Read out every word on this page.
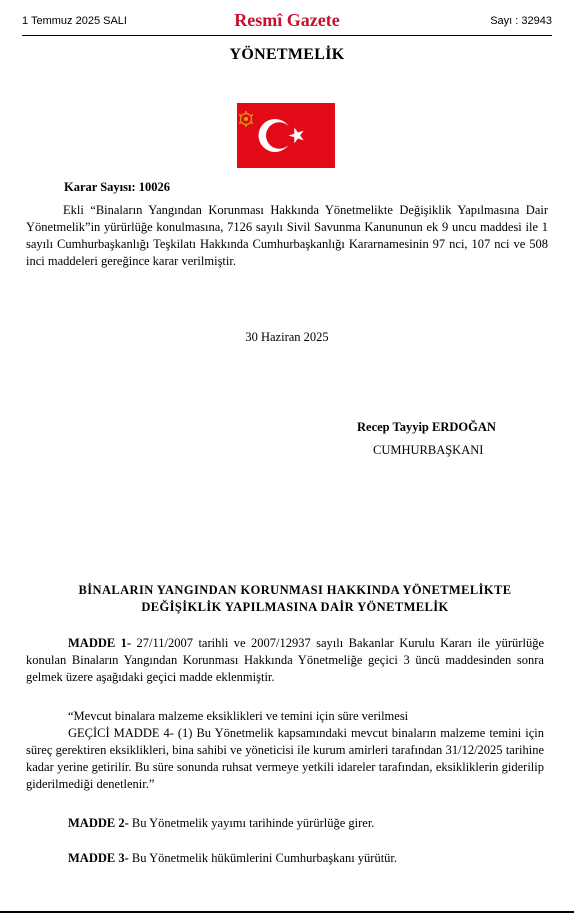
1 Temmuz 2025 SALI	Resmî Gazete	Sayı : 32943
YÖNETMELİK
Karar Sayısı: 10026
Ekli “Binaların Yangından Korunması Hakkında Yönetmelikte Değişiklik Yapılmasına Dair Yönetmelik”in yürürlüğe konulmasına, 7126 sayılı Sivil Savunma Kanununun ek 9 uncu maddesi ile 1 sayılı Cumhurbaşkanlığı Teşkilatı Hakkında Cumhurbaşkanlığı Kararnamesinin 97 nci, 107 nci ve 508 inci maddeleri gereğince karar verilmiştir.
30 Haziran 2025
Recep Tayyip ERDOĞAN
CUMHURBAŞKANI
BİNALARIN YANGINDAN KORUNMASI HAKKINDA YÖNETMELİKTE
DEĞİŞİKLİK YAPILMASINA DAİR YÖNETMELİK
MADDE 1- 27/11/2007 tarihli ve 2007/12937 sayılı Bakanlar Kurulu Kararı ile yürürlüğe konulan Binaların Yangından Korunması Hakkında Yönetmeliğe geçici 3 üncü maddesinden sonra gelmek üzere aşağıdaki geçici madde eklenmiştir.
“Mevcut binalara malzeme eksiklikleri ve temini için süre verilmesi
GEÇİCİ MADDE 4- (1) Bu Yönetmelik kapsamındaki mevcut binaların malzeme temini için süreç gerektiren eksiklikleri, bina sahibi ve yöneticisi ile kurum amirleri tarafından 31/12/2025 tarihine kadar yerine getirilir. Bu süre sonunda ruhsat vermeye yetkili idareler tarafından, eksikliklerin giderilip giderilmediği denetlenir.”
MADDE 2- Bu Yönetmelik yayımı tarihinde yürürlüğe girer.
MADDE 3- Bu Yönetmelik hükümlerini Cumhurbaşkanı yürütür.
